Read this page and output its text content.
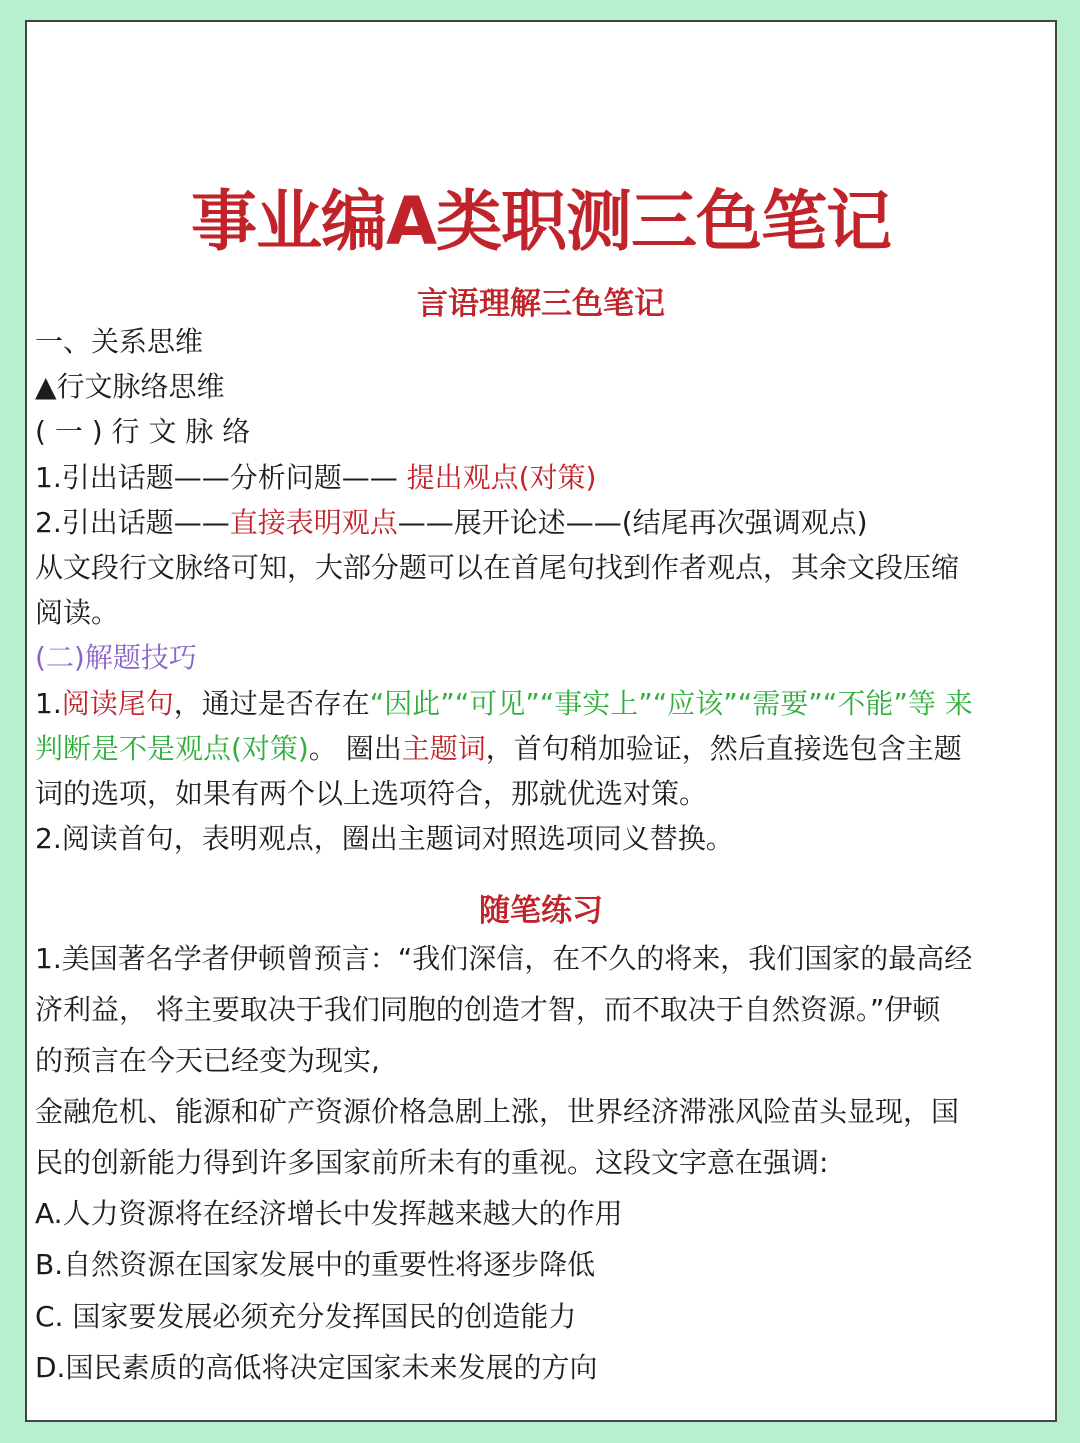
事业编A类职测三色笔记
言语理解三色笔记
一、关系思维
▲行文脉络思维
( 一 ) 行 文 脉 络
1.引出话题——分析问题—— 提出观点(对策)
2.引出话题——直接表明观点——展开论述——(结尾再次强调观点)
从文段行文脉络可知，大部分题可以在首尾句找到作者观点，其余文段压缩
阅读。
(二)解题技巧
1.阅读尾句，通过是否存在“因此”“可见”“事实上”“应该”“需要”“不能”等 来
判断是不是观点(对策)。 圈出主题词，首句稍加验证，然后直接选包含主题
词的选项，如果有两个以上选项符合，那就优选对策。
2.阅读首句，表明观点，圈出主题词对照选项同义替换。
随笔练习
1.美国著名学者伊顿曾预言：“我们深信，在不久的将来，我们国家的最高经
济利益， 将主要取决于我们同胞的创造才智，而不取决于自然资源。”伊顿
的预言在今天已经变为现实,
金融危机、能源和矿产资源价格急剧上涨，世界经济滞涨风险苗头显现，国
民的创新能力得到许多国家前所未有的重视。这段文字意在强调:
A.人力资源将在经济增长中发挥越来越大的作用
B.自然资源在国家发展中的重要性将逐步降低
C. 国家要发展必须充分发挥国民的创造能力
D.国民素质的高低将决定国家未来发展的方向
